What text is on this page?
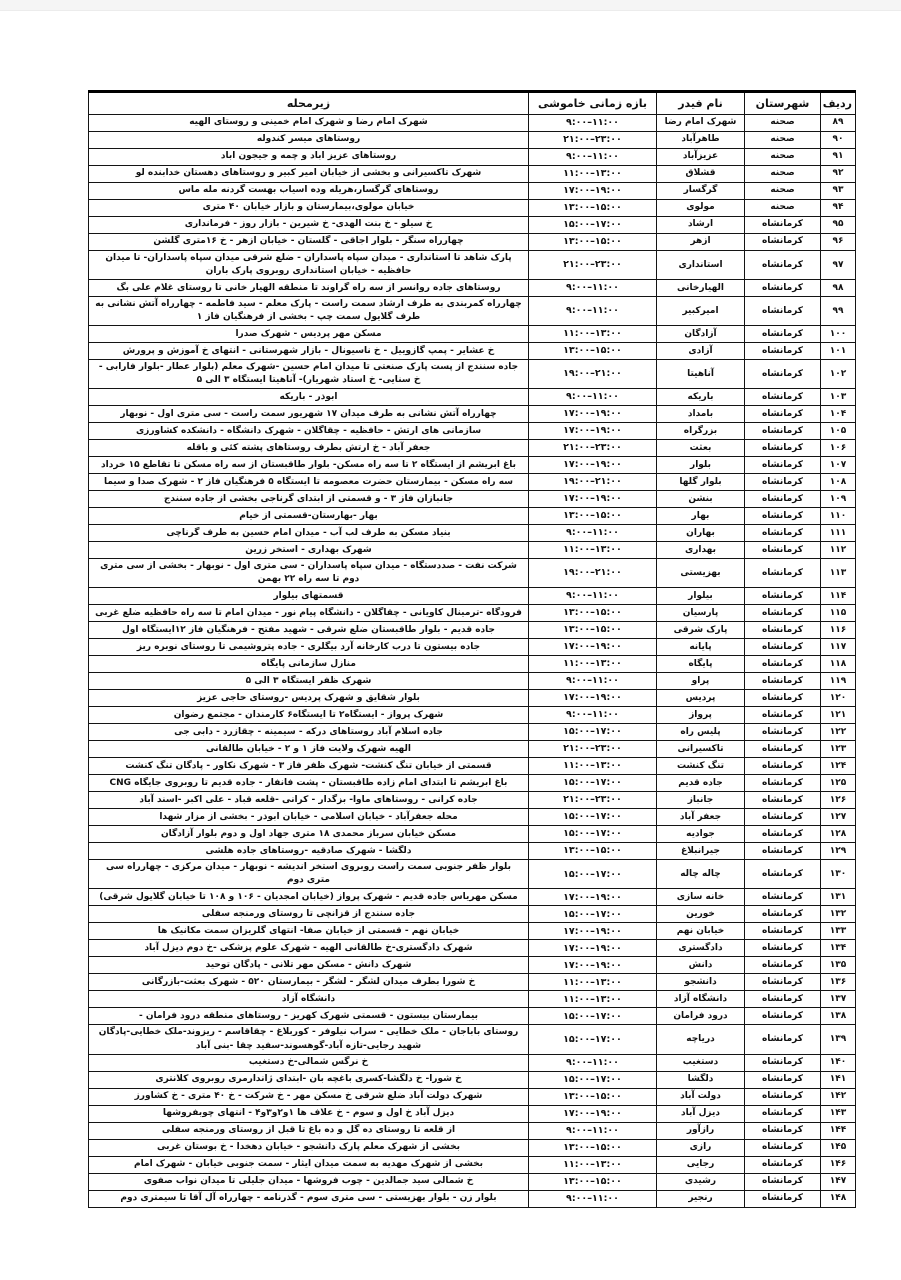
ردیف	شهرستان	نام فیدر	بازه زمانی خاموشی	زیرمحله
۸۹	صحنه	شهرک امام رضا	۹:۰۰–۱۱:۰۰	شهرک امام رضا و شهرک امام خمینی و روستای الهیه
۹۰	صحنه	طاهرآباد	۲۱:۰۰–۲۳:۰۰	روستاهای میسر کندوله
۹۱	صحنه	عزیزآباد	۹:۰۰–۱۱:۰۰	روستاهای عزیز اباد و چمه و جیجون اباد
۹۲	صحنه	قشلاق	۱۱:۰۰–۱۳:۰۰	شهرک تاکسیرانی و بخشی از خیابان امیر کبیر و روستاهای دهستان خدابنده لو
۹۳	صحنه	گرگسار	۱۷:۰۰–۱۹:۰۰	روستاهای گرگسار،هریله وده اسیاب بهست گردنه مله ماس
۹۴	صحنه	مولوی	۱۳:۰۰–۱۵:۰۰	خیابان مولوی،بیمارستان و بازار خیابان ۴۰ متری
۹۵	کرمانشاه	ارشاد	۱۵:۰۰–۱۷:۰۰	خ سیلو - خ بنت الهدی- خ شیرین - بازار روز - فرمانداری
۹۶	کرمانشاه	ازهر	۱۳:۰۰–۱۵:۰۰	چهارراه سنگر - بلوار اجاقی - گلستان - خیابان ازهر - خ ۱۶متری گلشن
۹۷	کرمانشاه	استانداری	۲۱:۰۰–۲۳:۰۰	پارک شاهد تا استانداری - میدان سپاه پاسداران - ضلع شرقی میدان سپاه پاسداران- تا میدان حافظیه - خیابان استانداری روبروی پارک باران
۹۸	کرمانشاه	الهیارخانی	۹:۰۰–۱۱:۰۰	روستاهای جاده روانسر از سه راه گراوند تا منطقه الهیار خانی تا روستای غلام علی بگ
۹۹	کرمانشاه	امیرکبیر	۹:۰۰–۱۱:۰۰	چهارراه کمربندی به طرف ارشاد سمت راست - پارک معلم - سید فاطمه - چهارراه آتش نشانی به طرف گلایول سمت چپ - بخشی از فرهنگیان فاز ۱
۱۰۰	کرمانشاه	آزادگان	۱۱:۰۰–۱۳:۰۰	مسکن مهر پردیس - شهرک صدرا
۱۰۱	کرمانشاه	آزادی	۱۳:۰۰–۱۵:۰۰	خ عشایر - پمپ گازوییل - خ ناسیونال - بازار شهرستانی - انتهای خ آموزش و پرورش
۱۰۲	کرمانشاه	آناهیتا	۱۹:۰۰–۲۱:۰۰	جاده سنندج از پست پارک صنعتی تا میدان امام حسین -شهرک معلم (بلوار عطار -بلوار فارابی - خ سنایی- خ استاد شهریار)- آناهیتا ایستگاه ۳ الی ۵
۱۰۳	کرمانشاه	باریکه	۹:۰۰–۱۱:۰۰	ابوذر - باریکه
۱۰۴	کرمانشاه	بامداد	۱۷:۰۰–۱۹:۰۰	چهارراه آتش نشانی به طرف میدان ۱۷ شهریور سمت راست - سی متری اول - نوبهار
۱۰۵	کرمانشاه	بزرگراه	۱۷:۰۰–۱۹:۰۰	سازمانی های ارتش - حافظیه - چقاگلان - شهرک دانشگاه - دانشکده کشاورزی
۱۰۶	کرمانشاه	بعثت	۲۱:۰۰–۲۳:۰۰	جعفر آباد - خ ارتش بطرف روستاهای پشته کئی و باقله
۱۰۷	کرمانشاه	بلوار	۱۷:۰۰–۱۹:۰۰	باغ ابریشم از ایستگاه ۲ تا سه راه مسکن- بلوار طاقبستان از سه راه مسکن تا تقاطع ۱۵ خرداد
۱۰۸	کرمانشاه	بلوار گلها	۱۹:۰۰–۲۱:۰۰	سه راه مسکن - بیمارستان حضرت معصومه تا ایستگاه ۵ فرهنگیان فاز ۲ - شهرک صدا و سیما
۱۰۹	کرمانشاه	بنشن	۱۷:۰۰–۱۹:۰۰	جانبازان فاز ۳ - و قسمتی از ابتدای گرناجی بخشی از جاده سنندج
۱۱۰	کرمانشاه	بهار	۱۳:۰۰–۱۵:۰۰	بهار -بهارستان-قسمتی از خیام
۱۱۱	کرمانشاه	بهاران	۹:۰۰–۱۱:۰۰	بنیاد مسکن به طرف لب آب - میدان امام حسین به طرف گرناچی
۱۱۲	کرمانشاه	بهداری	۱۱:۰۰–۱۳:۰۰	شهرک بهداری - استخر زرین
۱۱۳	کرمانشاه	بهزیستی	۱۹:۰۰–۲۱:۰۰	شرکت نفت - صددستگاه - میدان سپاه پاسداران - سی متری اول - نوبهار - بخشی از سی متری دوم تا سه راه ۲۲ بهمن
۱۱۴	کرمانشاه	بیلوار	۹:۰۰–۱۱:۰۰	قسمتهای بیلوار
۱۱۵	کرمانشاه	پارسیان	۱۳:۰۰–۱۵:۰۰	فرودگاه -ترمینال کاویانی - چقاگلان - دانشگاه پیام نور - میدان امام تا سه راه حافظیه ضلع غربی
۱۱۶	کرمانشاه	پارک شرقی	۱۳:۰۰–۱۵:۰۰	جاده قدیم - بلوار طاقبستان ضلع شرقی - شهید مفتح - فرهنگیان فاز ۱۲ایستگاه اول
۱۱۷	کرمانشاه	پایانه	۱۷:۰۰–۱۹:۰۰	جاده بیستون تا درب کارخانه آرد بیگلری - جاده پتروشیمی تا روستای نوبره ریز
۱۱۸	کرمانشاه	پایگاه	۱۱:۰۰–۱۳:۰۰	منازل سازمانی پایگاه
۱۱۹	کرمانشاه	پراو	۹:۰۰–۱۱:۰۰	شهرک ظفر ایستگاه ۳ الی ۵
۱۲۰	کرمانشاه	پردیس	۱۷:۰۰–۱۹:۰۰	بلوار شقایق و شهرک پردیس -روستای حاجی عزیز
۱۲۱	کرمانشاه	پرواز	۹:۰۰–۱۱:۰۰	شهرک پرواز - ایستگاه۲ تا ایستگاه۶ کارمندان - مجتمع رضوان
۱۲۲	کرمانشاه	پلیس راه	۱۵:۰۰–۱۷:۰۰	جاده اسلام آباد روستاهای درکه - سیمینه - چقازرد - دابی جی
۱۲۳	کرمانشاه	تاکسیرانی	۲۱:۰۰–۲۳:۰۰	الهیه شهرک ولایت فاز ۱ و ۲ - خیابان طالقانی
۱۲۴	کرمانشاه	تنگ کنشت	۱۱:۰۰–۱۳:۰۰	قسمتی از خیابان تنگ کنشت- شهرک ظفر فاز ۳ - شهرک نکاور - پادگان تنگ کنشت
۱۲۵	کرمانشاه	جاده قدیم	۱۵:۰۰–۱۷:۰۰	باغ ابریشم تا ابتدای امام زاده طاقبستان - پشت فانفار - جاده قدیم تا روبروی جایگاه CNG
۱۲۶	کرمانشاه	جانباز	۲۱:۰۰–۲۳:۰۰	جاده کرانی - روستاهای ماوا- بزگدار - کرانی -قلعه قباد - علی اکبر -اسند آباد
۱۲۷	کرمانشاه	جعفر آباد	۱۵:۰۰–۱۷:۰۰	محله جعفرآباد - خیابان اسلامی - خیابان ابوذر - بخشی از مزار شهدا
۱۲۸	کرمانشاه	جوادیه	۱۵:۰۰–۱۷:۰۰	مسکن خیابان سرباز محمدی ۱۸ متری جهاد اول و دوم بلوار آزادگان
۱۲۹	کرمانشاه	جیرانبلاغ	۱۳:۰۰–۱۵:۰۰	دلگشا - شهرک صادقیه -روستاهای جاده هلشی
۱۳۰	کرمانشاه	چاله چاله	۱۵:۰۰–۱۷:۰۰	بلوار ظفر جنوبی سمت راست روبروی استخر اندیشه - نوبهار - میدان مرکزی - چهارراه سی متری دوم
۱۳۱	کرمانشاه	خانه سازی	۱۷:۰۰–۱۹:۰۰	مسکن مهریاس جاده قدیم - شهرک پرواز (خیابان امجدیان - ۱۰۶ و ۱۰۸ تا خیابان گلایول شرقی)
۱۳۲	کرمانشاه	خورین	۱۵:۰۰–۱۷:۰۰	جاده سنندج از قزانچی تا روستای ورمنجه سفلی
۱۳۳	کرمانشاه	خیابان نهم	۱۷:۰۰–۱۹:۰۰	خیابان نهم - قسمتی از خیابان صفا- انتهای گلریزان سمت مکانیک ها
۱۳۴	کرمانشاه	دادگستری	۱۷:۰۰–۱۹:۰۰	شهرک دادگستری-خ طالقانی الهیه - شهرک علوم پزشکی -خ دوم دیزل آباد
۱۳۵	کرمانشاه	دانش	۱۷:۰۰–۱۹:۰۰	شهرک دانش - مسکن مهر تلانی - پادگان توحید
۱۳۶	کرمانشاه	دانشجو	۱۱:۰۰–۱۳:۰۰	خ شورا بطرف میدان لشگر - لشگر - بیمارستان ۵۲۰ - شهرک بعثت-بازرگانی
۱۳۷	کرمانشاه	دانشگاه آزاد	۱۱:۰۰–۱۳:۰۰	دانشگاه آزاد
۱۳۸	کرمانشاه	درود فرامان	۱۵:۰۰–۱۷:۰۰	بیمارستان بیستون - قسمتی شهرک کهریز - روستاهای منطقه درود فرامان -
۱۳۹	کرمانشاه	دریاچه	۱۵:۰۰–۱۷:۰۰	روستای باباجان - ملک خطایی - سراب نیلوفر - کوربلاغ - چقاقاسم - ریزوند-ملک خطایی-پادگان شهید رجایی-تازه آباد-گوهسوند-سفید چقا -بنی آباد
۱۴۰	کرمانشاه	دستغیب	۹:۰۰–۱۱:۰۰	خ نرگس شمالی-خ دستغیب
۱۴۱	کرمانشاه	دلگشا	۱۵:۰۰–۱۷:۰۰	خ شورا- خ دلگشا-کسری باغچه بان -ابتدای ژاندارمری روبروی کلانتری
۱۴۲	کرمانشاه	دولت آباد	۱۳:۰۰–۱۵:۰۰	شهرک دولت آباد ضلع شرقی خ مسکن مهر - خ شرکت - خ ۴۰ متری - خ کشاورز
۱۴۳	کرمانشاه	دیزل آباد	۱۷:۰۰–۱۹:۰۰	دیزل آباد خ اول و سوم - خ علاف ها ۱و۲و۳و۴ - انتهای چوبفروشها
۱۴۴	کرمانشاه	رازآور	۹:۰۰–۱۱:۰۰	از قلعه تا روستای ده گل و ده باغ تا قبل از روستای ورمنجه سفلی
۱۴۵	کرمانشاه	رازی	۱۳:۰۰–۱۵:۰۰	بخشی از شهرک معلم پارک دانشجو - خیابان دهخدا - خ بوستان غربی
۱۴۶	کرمانشاه	رجایی	۱۱:۰۰–۱۳:۰۰	بخشی از شهرک مهدیه به سمت میدان ایثار - سمت جنوبی خیابان - شهرک امام
۱۴۷	کرمانشاه	رشیدی	۱۳:۰۰–۱۵:۰۰	خ شمالی سید جمالدین - چوب فروشها - میدان جلیلی تا میدان نواب صفوی
۱۴۸	کرمانشاه	رنجیر	۹:۰۰–۱۱:۰۰	بلوار زن - بلوار بهزیستی - سی متری سوم - گذرنامه - چهارراه آل آقا تا سیمتری دوم
